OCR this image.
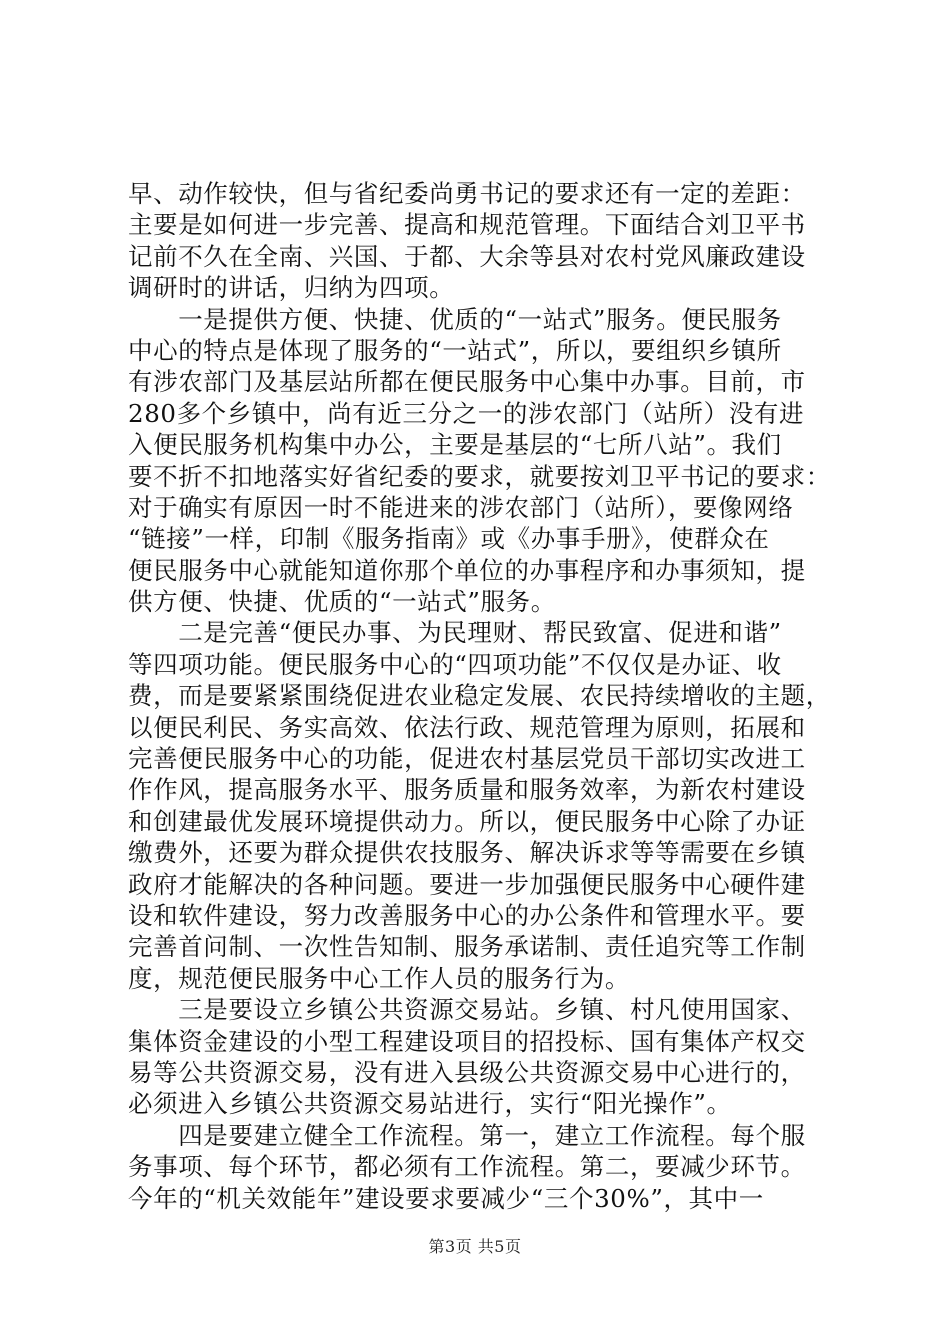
早、动作较快，但与省纪委尚勇书记的要求还有一定的差距：
主要是如何进一步完善、提高和规范管理。下面结合刘卫平书
记前不久在全南、兴国、于都、大余等县对农村党风廉政建设
调研时的讲话，归纳为四项。
　　一是提供方便、快捷、优质的“一站式”服务。便民服务
中心的特点是体现了服务的“一站式”，所以，要组织乡镇所
有涉农部门及基层站所都在便民服务中心集中办事。目前，市
280多个乡镇中，尚有近三分之一的涉农部门（站所）没有进
入便民服务机构集中办公，主要是基层的“七所八站”。我们
要不折不扣地落实好省纪委的要求，就要按刘卫平书记的要求：
对于确实有原因一时不能进来的涉农部门（站所），要像网络
“链接”一样，印制《服务指南》或《办事手册》，使群众在
便民服务中心就能知道你那个单位的办事程序和办事须知，提
供方便、快捷、优质的“一站式”服务。
　　二是完善“便民办事、为民理财、帮民致富、促进和谐”
等四项功能。便民服务中心的“四项功能”不仅仅是办证、收
费，而是要紧紧围绕促进农业稳定发展、农民持续增收的主题，
以便民利民、务实高效、依法行政、规范管理为原则，拓展和
完善便民服务中心的功能，促进农村基层党员干部切实改进工
作作风，提高服务水平、服务质量和服务效率，为新农村建设
和创建最优发展环境提供动力。所以，便民服务中心除了办证
缴费外，还要为群众提供农技服务、解决诉求等等需要在乡镇
政府才能解决的各种问题。要进一步加强便民服务中心硬件建
设和软件建设，努力改善服务中心的办公条件和管理水平。要
完善首问制、一次性告知制、服务承诺制、责任追究等工作制
度，规范便民服务中心工作人员的服务行为。
　　三是要设立乡镇公共资源交易站。乡镇、村凡使用国家、
集体资金建设的小型工程建设项目的招投标、国有集体产权交
易等公共资源交易，没有进入县级公共资源交易中心进行的，
必须进入乡镇公共资源交易站进行，实行“阳光操作”。
　　四是要建立健全工作流程。第一，建立工作流程。每个服
务事项、每个环节，都必须有工作流程。第二，要减少环节。
今年的“机关效能年”建设要求要减少“三个30%”，其中一
第3页 共5页
